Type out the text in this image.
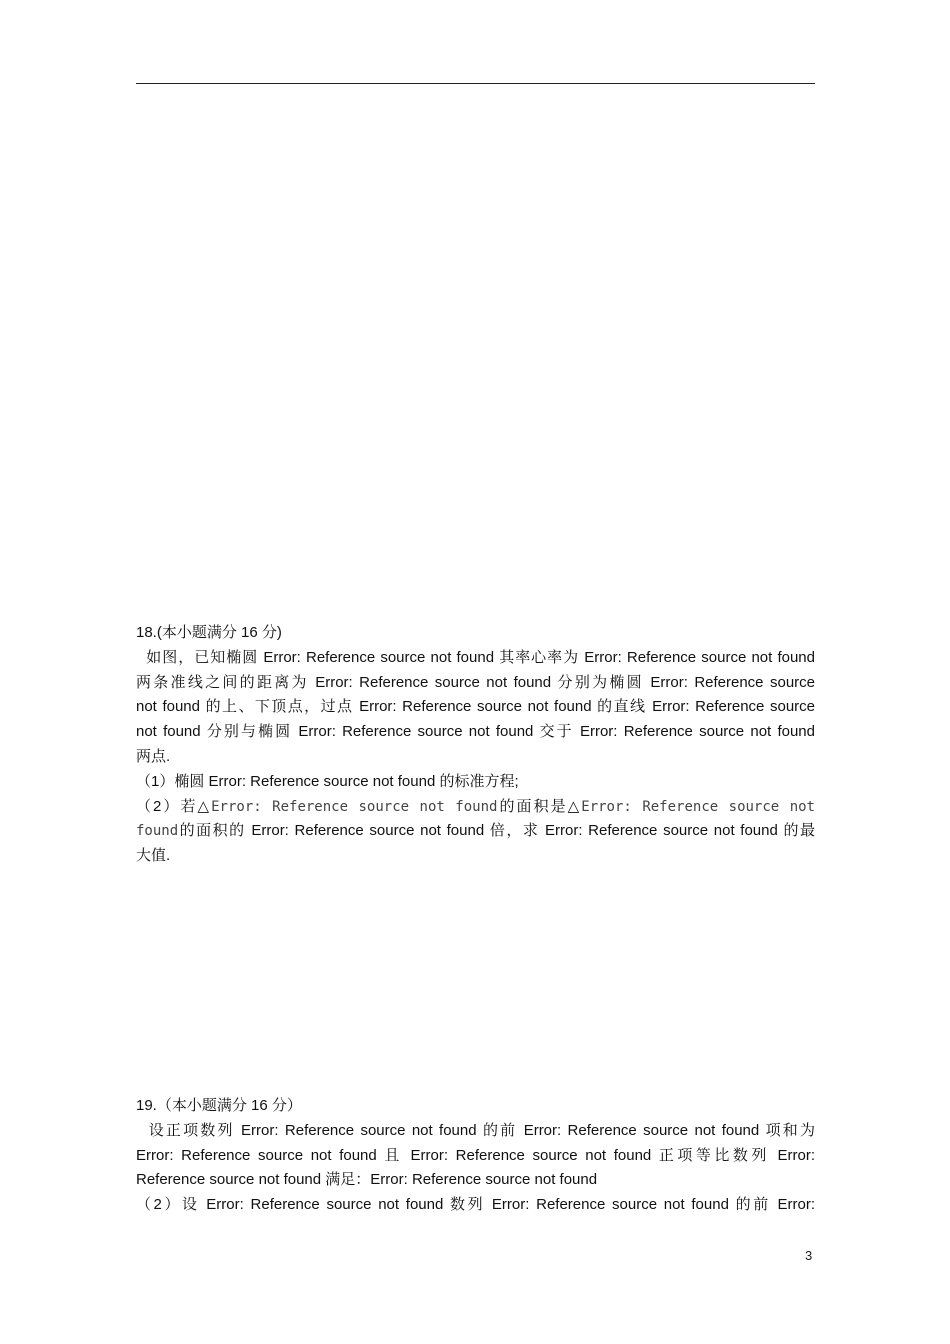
18.(本小题满分 16 分)
如图，已知椭圆 Error: Reference source not found 其率心率为 Error: Reference source not found
两条准线之间的距离为 Error: Reference source not found 分别为椭圆 Error: Reference source
not found 的上、下顶点，过点 Error: Reference source not found 的直线 Error: Reference source
not found 分别与椭圆 Error: Reference source not found 交于 Error: Reference source not found
两点.
（1）椭圆 Error: Reference source not found 的标准方程;
（2）若△Error: Reference source not found的面积是△Error: Reference source not
found的面积的 Error: Reference source not found 倍，求 Error: Reference source not found 的最
大值.
19.（本小题满分 16 分）
设正项数列 Error: Reference source not found 的前 Error: Reference source not found 项和为
Error: Reference source not found 且 Error: Reference source not found 正项等比数列 Error:
Reference source not found 满足：Error: Reference source not found
（2）设 Error: Reference source not found 数列 Error: Reference source not found 的前 Error:
3
